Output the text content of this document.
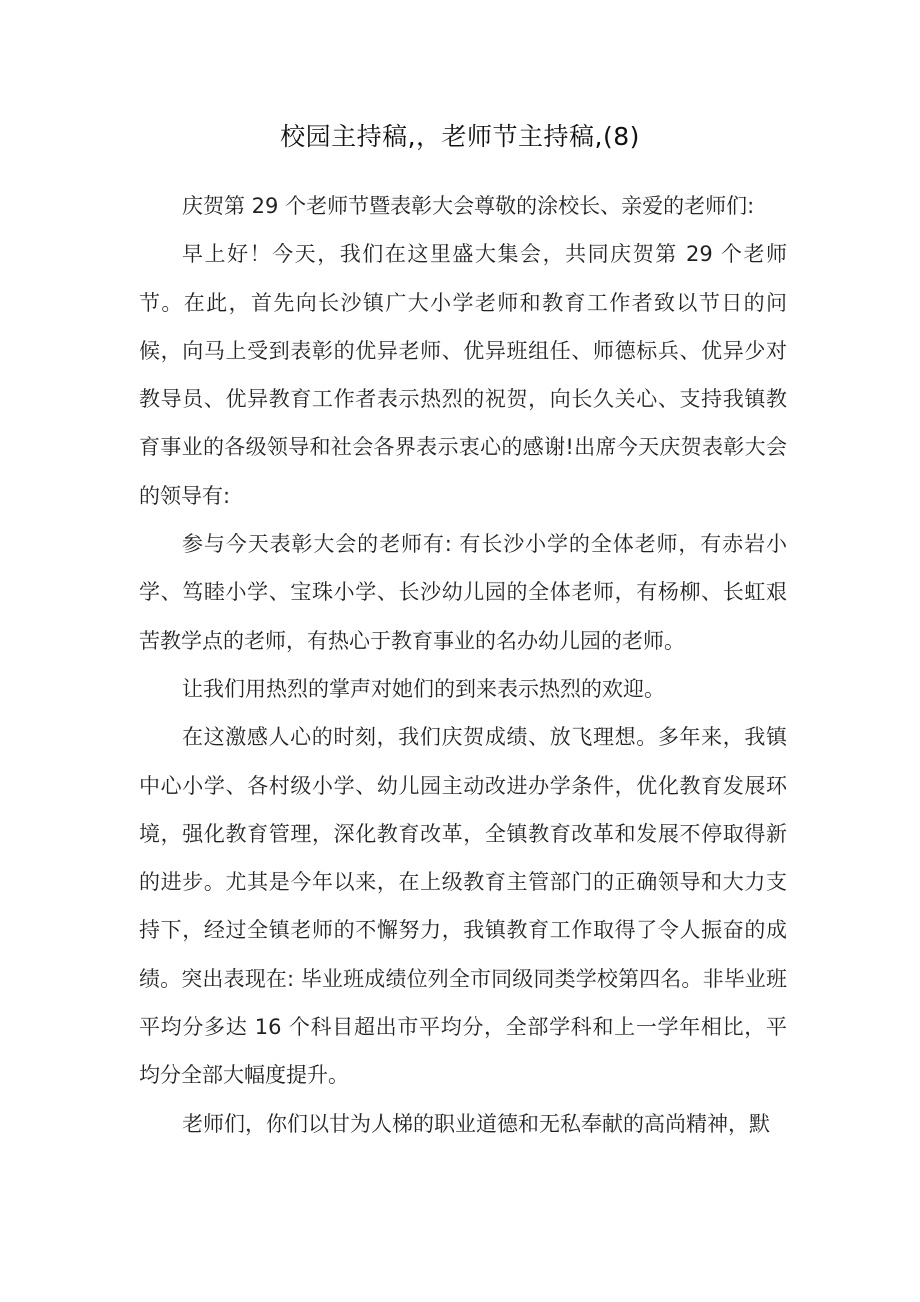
校园主持稿,，老师节主持稿,(8)

庆贺第 29 个老师节暨表彰大会尊敬的涂校长、亲爱的老师们:

早上好！今天，我们在这里盛大集会，共同庆贺第 29 个老师节。在此，首先向长沙镇广大小学老师和教育工作者致以节日的问候，向马上受到表彰的优异老师、优异班组任、师德标兵、优异少对教导员、优异教育工作者表示热烈的祝贺，向长久关心、支持我镇教育事业的各级领导和社会各界表示衷心的感谢!出席今天庆贺表彰大会的领导有:

参与今天表彰大会的老师有: 有长沙小学的全体老师，有赤岩小学、笃睦小学、宝珠小学、长沙幼儿园的全体老师，有杨柳、长虹艰苦教学点的老师，有热心于教育事业的名办幼儿园的老师。

让我们用热烈的掌声对她们的到来表示热烈的欢迎。

在这激感人心的时刻，我们庆贺成绩、放飞理想。多年来，我镇中心小学、各村级小学、幼儿园主动改进办学条件，优化教育发展环境，强化教育管理，深化教育改革，全镇教育改革和发展不停取得新的进步。尤其是今年以来，在上级教育主管部门的正确领导和大力支持下，经过全镇老师的不懈努力，我镇教育工作取得了令人振奋的成绩。突出表现在: 毕业班成绩位列全市同级同类学校第四名。非毕业班平均分多达 16 个科目超出市平均分，全部学科和上一学年相比，平均分全部大幅度提升。

老师们，你们以甘为人梯的职业道德和无私奉献的高尚精神，默
